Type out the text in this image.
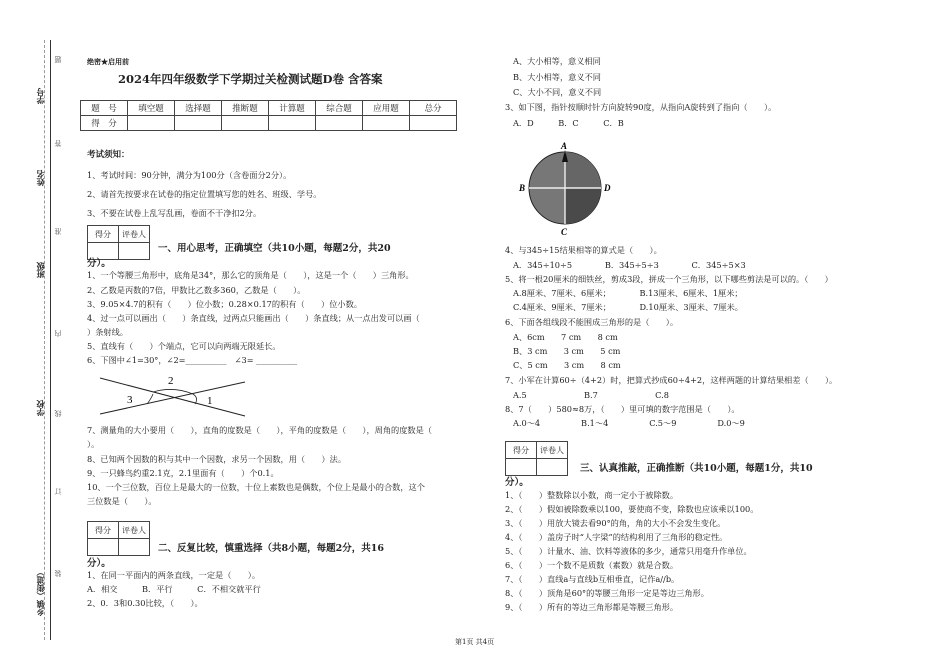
学号
姓名
班级
学校
乡镇（街道）
题
答
准
内
线
订
装
绝密★启用前
2024年四年级数学下学期过关检测试题D卷 含答案
题　号	填空题	选择题	推断题	计算题	综合题	应用题	总分
得　分							
考试须知：
1、考试时间：90分钟，满分为100分（含卷面分2分）。
2、请首先按要求在试卷的指定位置填写您的姓名、班级、学号。
3、不要在试卷上乱写乱画，卷面不干净扣2分。
得分	评卷人

一、用心思考，正确填空（共10小题，每题2分，共20
分）。
1、一个等腰三角形中，底角是34°，那么它的顶角是（　　），这是一个（　　）三角形。
2、乙数是丙数的7倍，甲数比乙数多360，乙数是（　　）。
3、9.05×4.7的积有（　　）位小数；0.28×0.17的积有（　　）位小数。
4、过一点可以画出（　　）条直线，过两点只能画出（　　）条直线；从一点出发可以画（
）条射线。
5、直线有（　　）个端点，它可以向两端无限延长。
6、下图中∠1=30°，∠2=__________　∠3= __________
1
2
3
7、测量角的大小要用（　　），直角的度数是（　　），平角的度数是（　　），周角的度数是（
）。
8、已知两个因数的积与其中一个因数，求另一个因数，用（　　）法。
9、一只蜂鸟约重2.1克，2.1里面有（　　）个0.1。
10、一个三位数，百位上是最大的一位数，十位上素数也是偶数，个位上是最小的合数，这个
三位数是（　　）。
得分	评卷人

二、反复比较，慎重选择（共8小题，每题2分，共16
分）。
1、在同一平面内的两条直线，一定是（　　）。
A．相交　　　B．平行　　　C．不相交就平行
2、0．3和0.30比较，（　　）。
A、大小相等，意义相同
B、大小相等，意义不同
C、大小不同，意义不同
3、如下图，指针按顺时针方向旋转90度，从指向A旋转到了指向（　　）。
A．D　　　B．C　　　C．B
A
B	D
C
4、与345÷15结果相等的算式是（　　）。
A．345÷10÷5　　　　B．345÷5÷3　　　　C．345÷5×3
5、将一根20厘米的细铁丝，剪成3段，拼成一个三角形，以下哪些剪法是可以的。（　　）
A.8厘米、7厘米、6厘米；　　　　B.13厘米、6厘米、1厘米；
C.4厘米、9厘米、7厘米；　　　　D.10厘米、3厘米、7厘米。
6、下面各组线段不能围成三角形的是（　　）。
A、6cm　　7 cm　　8 cm
B、3 cm　　3 cm　　5 cm
C、5 cm　　3 cm　　8 cm
7、小军在计算60÷（4+2）时，把算式抄成60÷4+2，这样两题的计算结果相差（　　）。
A.5　　　　　　　B.7　　　　　　　C.8
8、7（　　）580≈8万，（　　）里可填的数字范围是（　　）。
A.0～4　　　　　B.1～4　　　　　C.5～9　　　　　D.0～9
得分	评卷人

三、认真推敲，正确推断（共10小题，每题1分，共10
分）。
1、（　　）整数除以小数，商一定小于被除数。
2、（　　）假如被除数乘以100，要使商不变，除数也应该乘以100。
3、（　　）用放大镜去看90°的角，角的大小不会发生变化。
4、（　　）盖房子时“人字梁”的结构利用了三角形的稳定性。
5、（　　）计量水、油、饮料等液体的多少，通常只用毫升作单位。
6、（　　）一个数不是质数（素数）就是合数。
7、（　　）直线a与直线b互相垂直，记作a//b。
8、（　　）顶角是60°的等腰三角形一定是等边三角形。
9、（　　）所有的等边三角形都是等腰三角形。
第1页 共4页
